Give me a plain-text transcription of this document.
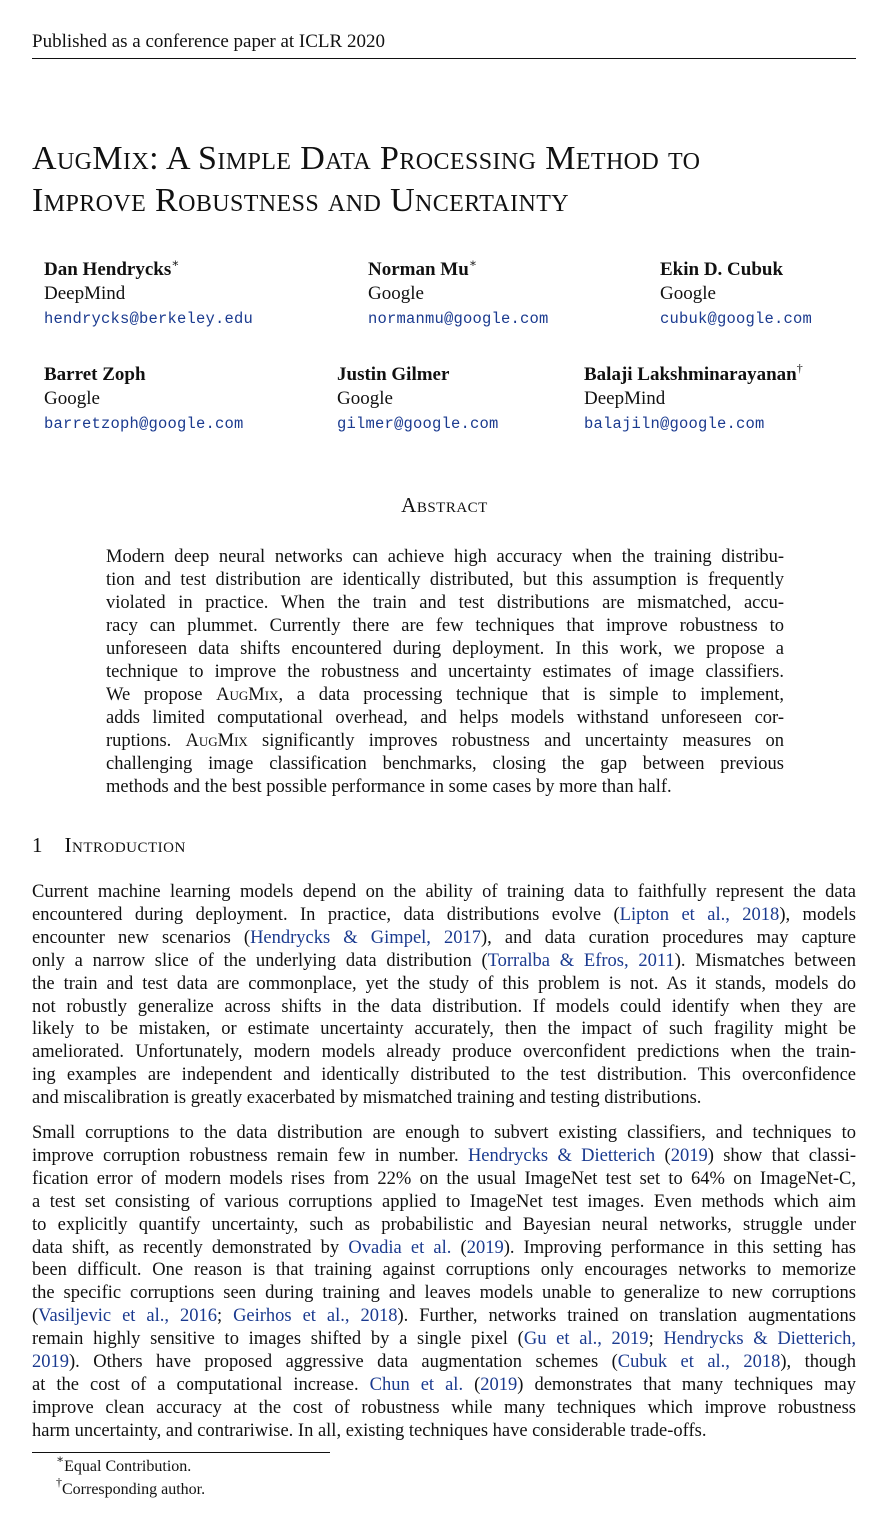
Published as a conference paper at ICLR 2020
AugMix: A Simple Data Processing Method to
Improve Robustness and Uncertainty
Dan Hendrycks∗
DeepMind
hendrycks@berkeley.edu
Norman Mu∗
Google
normanmu@google.com
Ekin D. Cubuk
Google
cubuk@google.com
Barret Zoph
Google
barretzoph@google.com
Justin Gilmer
Google
gilmer@google.com
Balaji Lakshminarayanan†
DeepMind
balajiln@google.com
Abstract
Modern deep neural networks can achieve high accuracy when the training distribu-
tion and test distribution are identically distributed, but this assumption is frequently
violated in practice. When the train and test distributions are mismatched, accu-
racy can plummet. Currently there are few techniques that improve robustness to
unforeseen data shifts encountered during deployment. In this work, we propose a
technique to improve the robustness and uncertainty estimates of image classifiers.
We propose AugMix, a data processing technique that is simple to implement,
adds limited computational overhead, and helps models withstand unforeseen cor-
ruptions. AugMix significantly improves robustness and uncertainty measures on
challenging image classification benchmarks, closing the gap between previous
methods and the best possible performance in some cases by more than half.
1 Introduction
Current machine learning models depend on the ability of training data to faithfully represent the data
encountered during deployment. In practice, data distributions evolve (Lipton et al., 2018), models
encounter new scenarios (Hendrycks & Gimpel, 2017), and data curation procedures may capture
only a narrow slice of the underlying data distribution (Torralba & Efros, 2011). Mismatches between
the train and test data are commonplace, yet the study of this problem is not. As it stands, models do
not robustly generalize across shifts in the data distribution. If models could identify when they are
likely to be mistaken, or estimate uncertainty accurately, then the impact of such fragility might be
ameliorated. Unfortunately, modern models already produce overconfident predictions when the train-
ing examples are independent and identically distributed to the test distribution. This overconfidence
and miscalibration is greatly exacerbated by mismatched training and testing distributions.
Small corruptions to the data distribution are enough to subvert existing classifiers, and techniques to
improve corruption robustness remain few in number. Hendrycks & Dietterich (2019) show that classi-
fication error of modern models rises from 22% on the usual ImageNet test set to 64% on ImageNet-C,
a test set consisting of various corruptions applied to ImageNet test images. Even methods which aim
to explicitly quantify uncertainty, such as probabilistic and Bayesian neural networks, struggle under
data shift, as recently demonstrated by Ovadia et al. (2019). Improving performance in this setting has
been difficult. One reason is that training against corruptions only encourages networks to memorize
the specific corruptions seen during training and leaves models unable to generalize to new corruptions
(Vasiljevic et al., 2016; Geirhos et al., 2018). Further, networks trained on translation augmentations
remain highly sensitive to images shifted by a single pixel (Gu et al., 2019; Hendrycks & Dietterich,
2019). Others have proposed aggressive data augmentation schemes (Cubuk et al., 2018), though
at the cost of a computational increase. Chun et al. (2019) demonstrates that many techniques may
improve clean accuracy at the cost of robustness while many techniques which improve robustness
harm uncertainty, and contrariwise. In all, existing techniques have considerable trade-offs.
∗Equal Contribution.
†Corresponding author.
